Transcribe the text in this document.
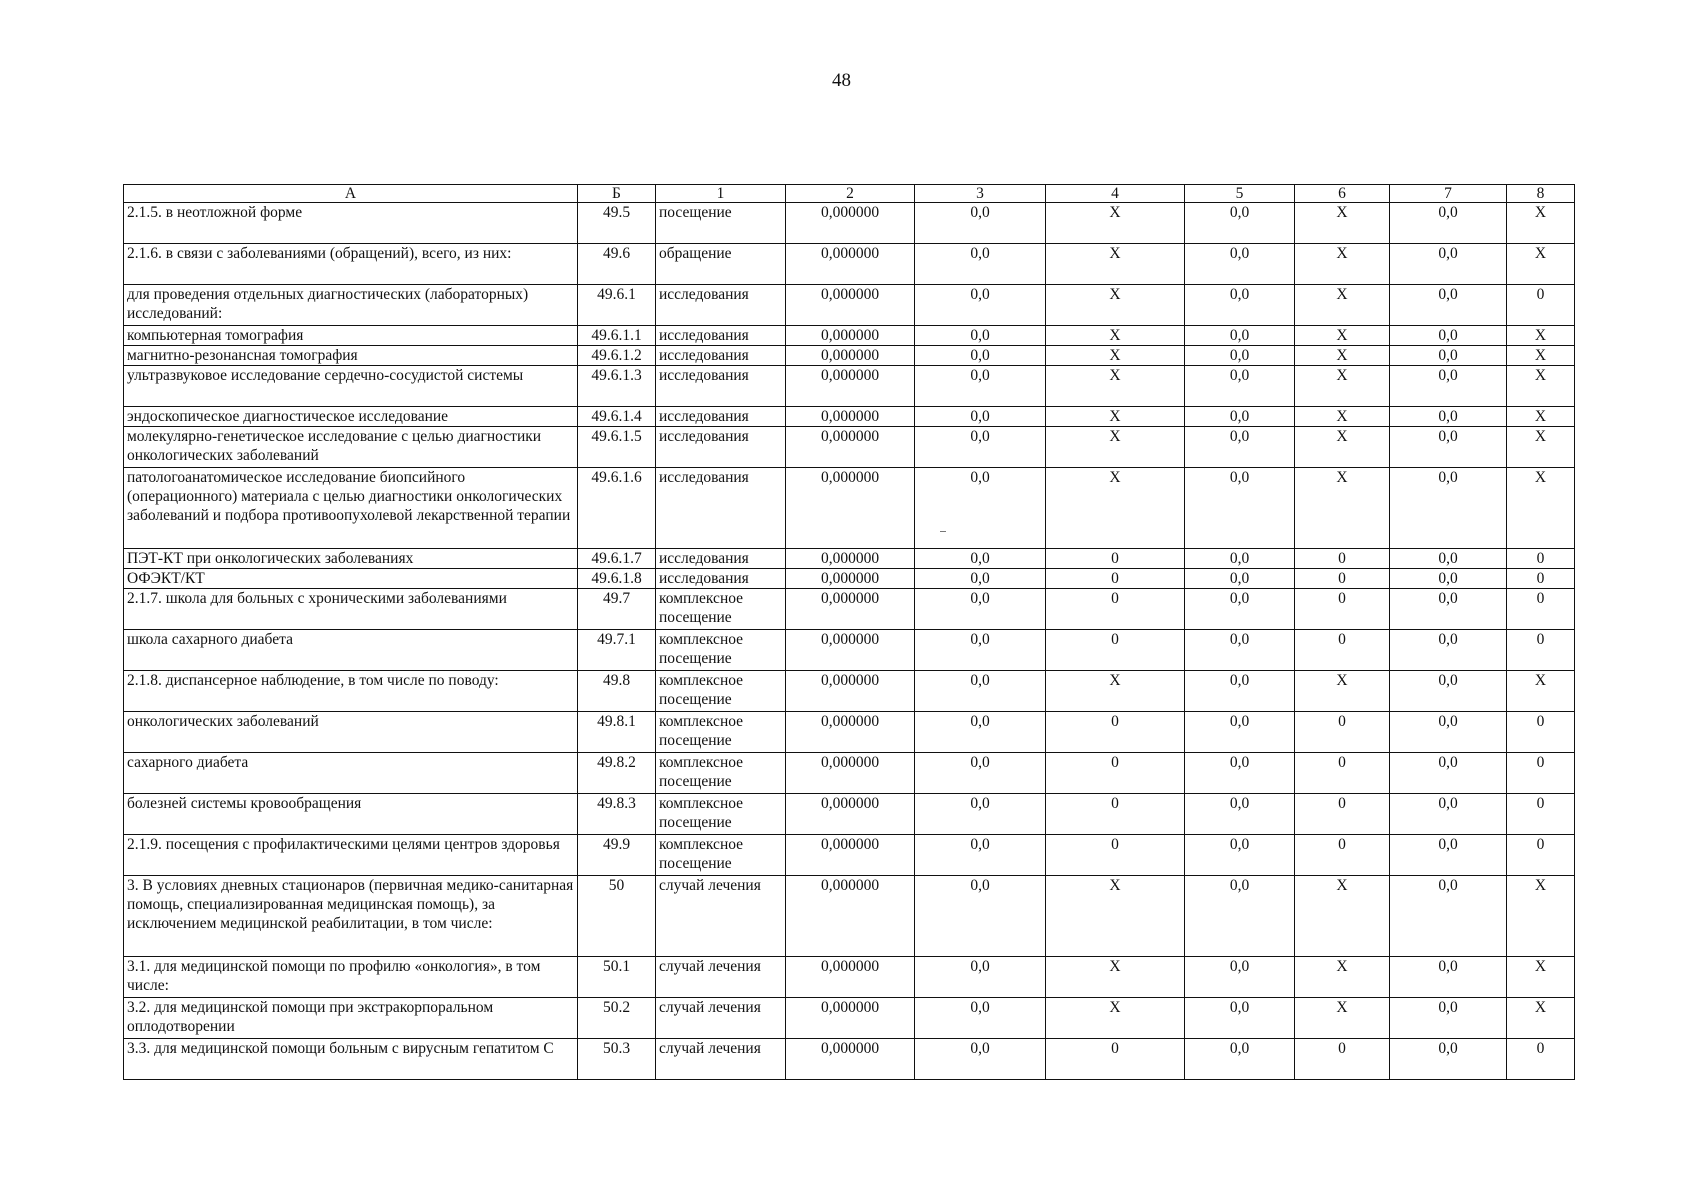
48
А	Б	1	2	3	4	5	6	7	8
2.1.5. в неотложной форме	49.5	посещение	0,000000	0,0	X	0,0	X	0,0	X
2.1.6. в связи с заболеваниями (обращений), всего, из них:	49.6	обращение	0,000000	0,0	X	0,0	X	0,0	X
для проведения отдельных диагностических (лабораторных) исследований:	49.6.1	исследования	0,000000	0,0	X	0,0	X	0,0	0
компьютерная томография	49.6.1.1	исследования	0,000000	0,0	X	0,0	X	0,0	X
магнитно-резонансная томография	49.6.1.2	исследования	0,000000	0,0	X	0,0	X	0,0	X
ультразвуковое исследование сердечно-сосудистой системы	49.6.1.3	исследования	0,000000	0,0	X	0,0	X	0,0	X
эндоскопическое диагностическое исследование	49.6.1.4	исследования	0,000000	0,0	X	0,0	X	0,0	X
молекулярно-генетическое исследование с целью диагностики онкологических заболеваний	49.6.1.5	исследования	0,000000	0,0	X	0,0	X	0,0	X
патологоанатомическое исследование биопсийного (операционного) материала с целью диагностики онкологических заболеваний и подбора противоопухолевой лекарственной терапии	49.6.1.6	исследования	0,000000	0,0	X	0,0	X	0,0	X
ПЭТ-КТ при онкологических заболеваниях	49.6.1.7	исследования	0,000000	0,0	0	0,0	0	0,0	0
ОФЭКТ/КТ	49.6.1.8	исследования	0,000000	0,0	0	0,0	0	0,0	0
2.1.7. школа для больных с хроническими заболеваниями	49.7	комплексное посещение	0,000000	0,0	0	0,0	0	0,0	0
школа сахарного диабета	49.7.1	комплексное посещение	0,000000	0,0	0	0,0	0	0,0	0
2.1.8. диспансерное наблюдение, в том числе по поводу:	49.8	комплексное посещение	0,000000	0,0	X	0,0	X	0,0	X
онкологических заболеваний	49.8.1	комплексное посещение	0,000000	0,0	0	0,0	0	0,0	0
сахарного диабета	49.8.2	комплексное посещение	0,000000	0,0	0	0,0	0	0,0	0
болезней системы кровообращения	49.8.3	комплексное посещение	0,000000	0,0	0	0,0	0	0,0	0
2.1.9. посещения с профилактическими целями центров здоровья	49.9	комплексное посещение	0,000000	0,0	0	0,0	0	0,0	0
3. В условиях дневных стационаров (первичная медико-санитарная помощь, специализированная медицинская помощь), за исключением медицинской реабилитации, в том числе:	50	случай лечения	0,000000	0,0	X	0,0	X	0,0	X
3.1. для медицинской помощи по профилю «онкология», в том числе:	50.1	случай лечения	0,000000	0,0	X	0,0	X	0,0	X
3.2. для медицинской помощи при экстракорпоральном оплодотворении	50.2	случай лечения	0,000000	0,0	X	0,0	X	0,0	X
3.3. для медицинской помощи больным с вирусным гепатитом С	50.3	случай лечения	0,000000	0,0	0	0,0	0	0,0	0
